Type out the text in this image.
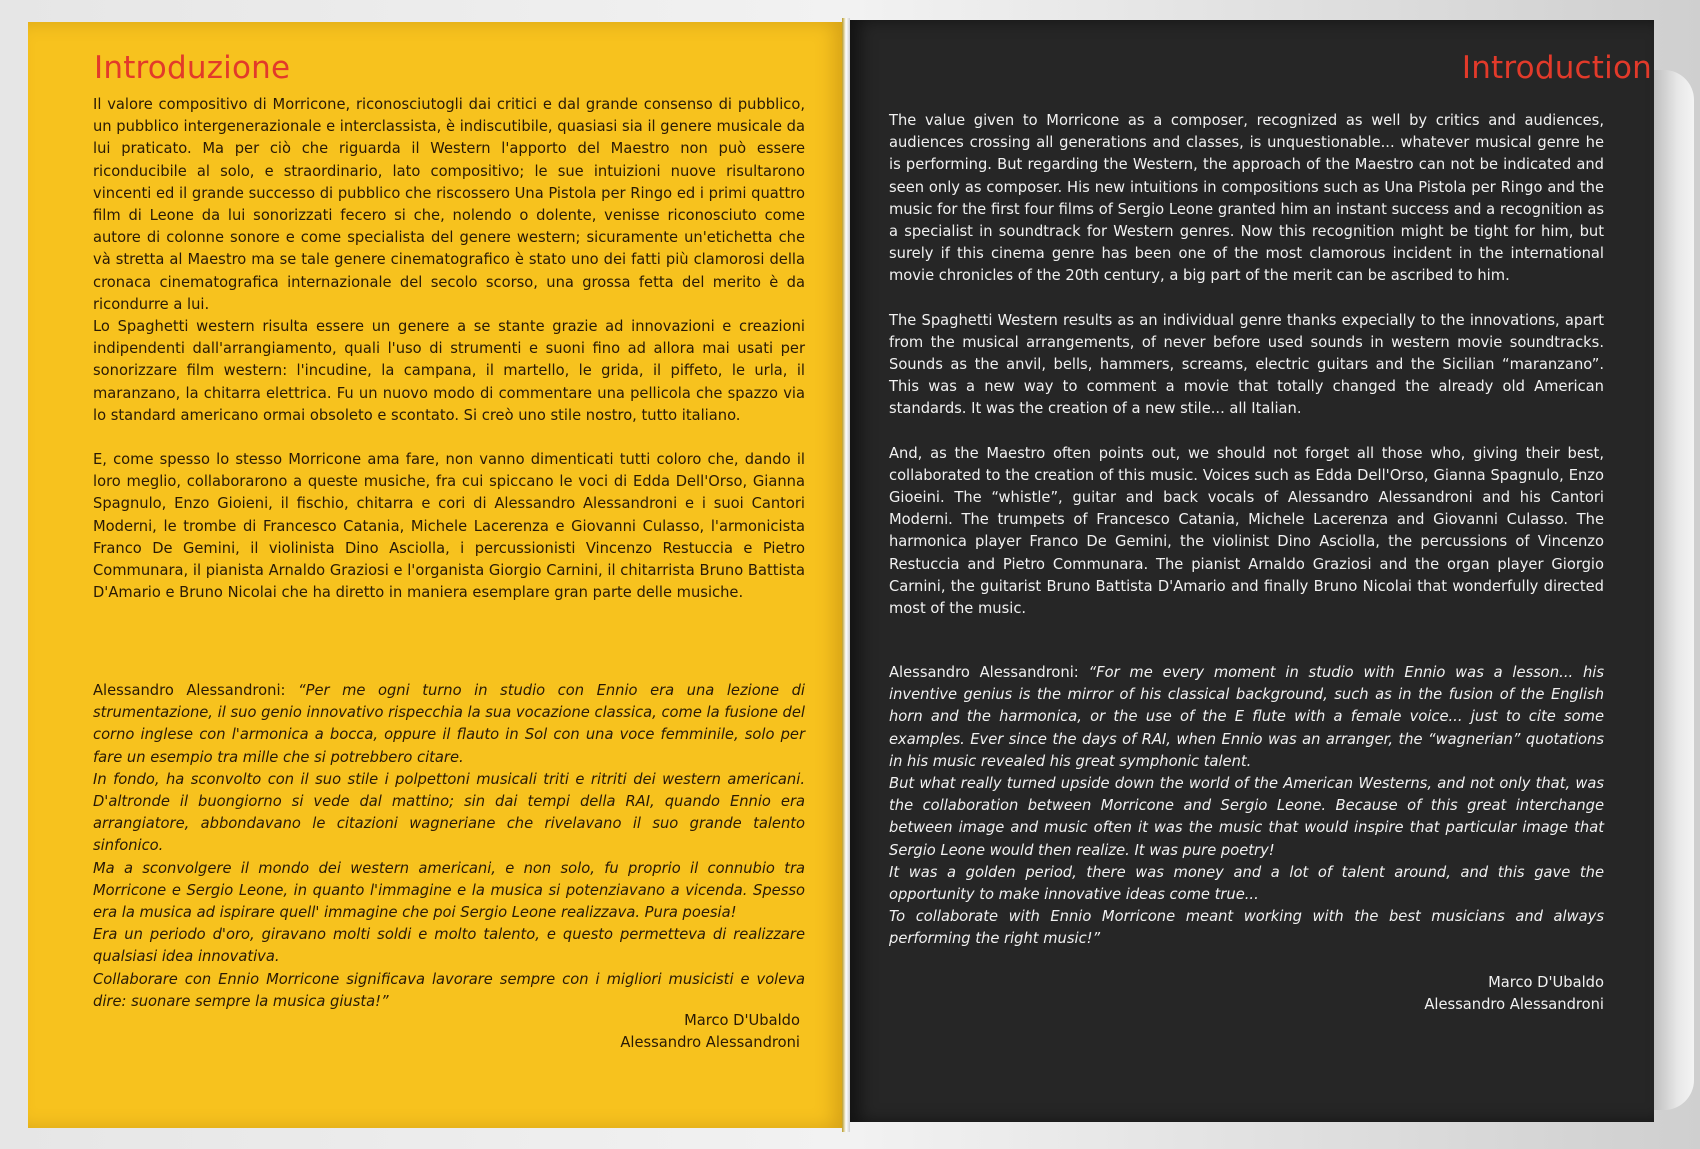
Introduzione

Il valore compositivo di Morricone, riconosciutogli dai critici e dal grande consenso di pubblico, un pubblico intergenerazionale e interclassista, è indiscutibile, quasiasi sia il genere musicale da lui praticato. Ma per ciò che riguarda il Western l'apporto del Maestro non può essere riconducibile al solo, e straordinario, lato compositivo; le sue intuizioni nuove risultarono vincenti ed il grande successo di pubblico che riscossero Una Pistola per Ringo ed i primi quattro film di Leone da lui sonorizzati fecero si che, nolendo o dolente, venisse riconosciuto come autore di colonne sonore e come specialista del genere western; sicuramente un'etichetta che và stretta al Maestro ma se tale genere cinematografico è stato uno dei fatti più clamorosi della cronaca cinematografica internazionale del secolo scorso, una grossa fetta del merito è da ricondurre a lui.

Lo Spaghetti western risulta essere un genere a se stante grazie ad innovazioni e creazioni indipendenti dall'arrangiamento, quali l'uso di strumenti e suoni fino ad allora mai usati per sonorizzare film western: l'incudine, la campana, il martello, le grida, il piffeto, le urla, il maranzano, la chitarra elettrica. Fu un nuovo modo di commentare una pellicola che spazzo via lo standard americano ormai obsoleto e scontato. Si creò uno stile nostro, tutto italiano.

E, come spesso lo stesso Morricone ama fare, non vanno dimenticati tutti coloro che, dando il loro meglio, collaborarono a queste musiche, fra cui spiccano le voci di Edda Dell'Orso, Gianna Spagnulo, Enzo Gioieni, il fischio, chitarra e cori di Alessandro Alessandroni e i suoi Cantori Moderni, le trombe di Francesco Catania, Michele Lacerenza e Giovanni Culasso, l'armonicista Franco De Gemini, il violinista Dino Asciolla, i percussionisti Vincenzo Restuccia e Pietro Communara, il pianista Arnaldo Graziosi e l'organista Giorgio Carnini, il chitarrista Bruno Battista D'Amario e Bruno Nicolai che ha diretto in maniera esemplare gran parte delle musiche.

Alessandro Alessandroni: “Per me ogni turno in studio con Ennio era una lezione di strumentazione, il suo genio innovativo rispecchia la sua vocazione classica, come la fusione del corno inglese con l'armonica a bocca, oppure il flauto in Sol con una voce femminile, solo per fare un esempio tra mille che si potrebbero citare.

In fondo, ha sconvolto con il suo stile i polpettoni musicali triti e ritriti dei western americani. D'altronde il buongiorno si vede dal mattino; sin dai tempi della RAI, quando Ennio era arrangiatore, abbondavano le citazioni wagneriane che rivelavano il suo grande talento sinfonico.

Ma a sconvolgere il mondo dei western americani, e non solo, fu proprio il connubio tra Morricone e Sergio Leone, in quanto l'immagine e la musica si potenziavano a vicenda. Spesso era la musica ad ispirare quell' immagine che poi Sergio Leone realizzava. Pura poesia!

Era un periodo d'oro, giravano molti soldi e molto talento, e questo permetteva di realizzare qualsiasi idea innovativa.

Collaborare con Ennio Morricone significava lavorare sempre con i migliori musicisti e voleva dire: suonare sempre la musica giusta!”

Marco D'Ubaldo
Alessandro Alessandroni
Introduction

The value given to Morricone as a composer, recognized as well by critics and audiences, audiences crossing all generations and classes, is unquestionable... whatever musical genre he is performing. But regarding the Western, the approach of the Maestro can not be indicated and seen only as composer. His new intuitions in compositions such as Una Pistola per Ringo and the music for the first four films of Sergio Leone granted him an instant success and a recognition as a specialist in soundtrack for Western genres. Now this recognition might be tight for him, but surely if this cinema genre has been one of the most clamorous incident in the international movie chronicles of the 20th century, a big part of the merit can be ascribed to him.

The Spaghetti Western results as an individual genre thanks expecially to the innovations, apart from the musical arrangements, of never before used sounds in western movie soundtracks. Sounds as the anvil, bells, hammers, screams, electric guitars and the Sicilian “maranzano”. This was a new way to comment a movie that totally changed the already old American standards. It was the creation of a new stile... all Italian.

And, as the Maestro often points out, we should not forget all those who, giving their best, collaborated to the creation of this music. Voices such as Edda Dell'Orso, Gianna Spagnulo, Enzo Gioeini. The “whistle”, guitar and back vocals of Alessandro Alessandroni and his Cantori Moderni. The trumpets of Francesco Catania, Michele Lacerenza and Giovanni Culasso. The harmonica player Franco De Gemini, the violinist Dino Asciolla, the percussions of Vincenzo Restuccia and Pietro Communara. The pianist Arnaldo Graziosi and the organ player Giorgio Carnini, the guitarist Bruno Battista D'Amario and finally Bruno Nicolai that wonderfully directed most of the music.

Alessandro Alessandroni: “For me every moment in studio with Ennio was a lesson... his inventive genius is the mirror of his classical background, such as in the fusion of the English horn and the harmonica, or the use of the E flute with a female voice... just to cite some examples. Ever since the days of RAI, when Ennio was an arranger, the “wagnerian” quotations in his music revealed his great symphonic talent.

But what really turned upside down the world of the American Westerns, and not only that, was the collaboration between Morricone and Sergio Leone. Because of this great interchange between image and music often it was the music that would inspire that particular image that Sergio Leone would then realize. It was pure poetry!

It was a golden period, there was money and a lot of talent around, and this gave the opportunity to make innovative ideas come true...

To collaborate with Ennio Morricone meant working with the best musicians and always performing the right music!”

Marco D'Ubaldo
Alessandro Alessandroni
